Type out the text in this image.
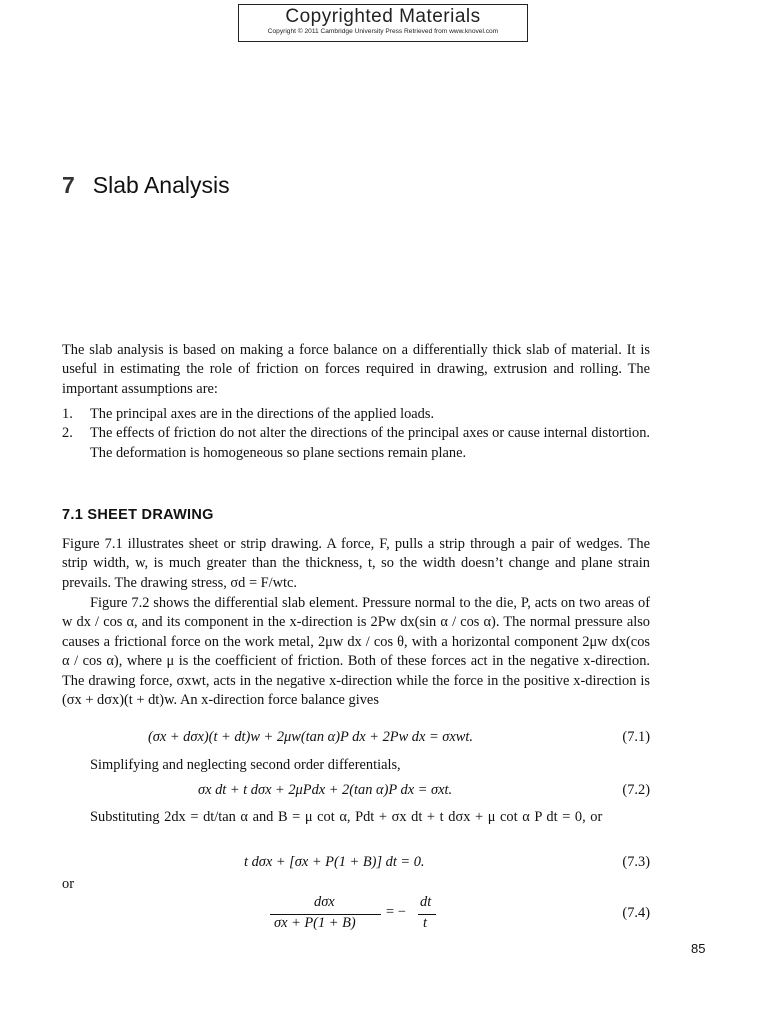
Copyrighted Materials
Copyright © 2011 Cambridge University Press Retrieved from www.knovel.com
7 Slab Analysis

The slab analysis is based on making a force balance on a differentially thick slab of material. It is useful in estimating the role of friction on forces required in drawing, extrusion and rolling. The important assumptions are:

1.	The principal axes are in the directions of the applied loads.
2.	The effects of friction do not alter the directions of the principal axes or cause internal distortion. The deformation is homogeneous so plane sections remain plane.
7.1 SHEET DRAWING

Figure 7.1 illustrates sheet or strip drawing. A force, F, pulls a strip through a pair of wedges. The strip width, w, is much greater than the thickness, t, so the width doesn’t change and plane strain prevails. The drawing stress, σd = F/wtc.

Figure 7.2 shows the differential slab element. Pressure normal to the die, P, acts on two areas of w dx / cos α, and its component in the x-direction is 2Pw dx(sin α / cos α). The normal pressure also causes a frictional force on the work metal, 2μw dx / cos θ, with a horizontal component 2μw dx(cos α / cos α), where μ is the coefficient of friction. Both of these forces act in the negative x-direction. The drawing force, σxwt, acts in the negative x-direction while the force in the positive x-direction is (σx + dσx)(t + dt)w. An x-direction force balance gives

(σx + dσx)(t + dt)w + 2μw(tan α)P dx + 2Pw dx = σxwt.	(7.1)

Simplifying and neglecting second order differentials,

σx dt + t dσx + 2μPdx + 2(tan α)P dx = σxt.	(7.2)

Substituting 2dx = dt/tan α and B = μ cot α, Pdt + σx dt + t dσx + μ cot α P dt = 0, or

t dσx + [σx + P(1 + B)] dt = 0.	(7.3)

or

dσx
σx + P(1 + B)
= −
dt
t
(7.4)
85
